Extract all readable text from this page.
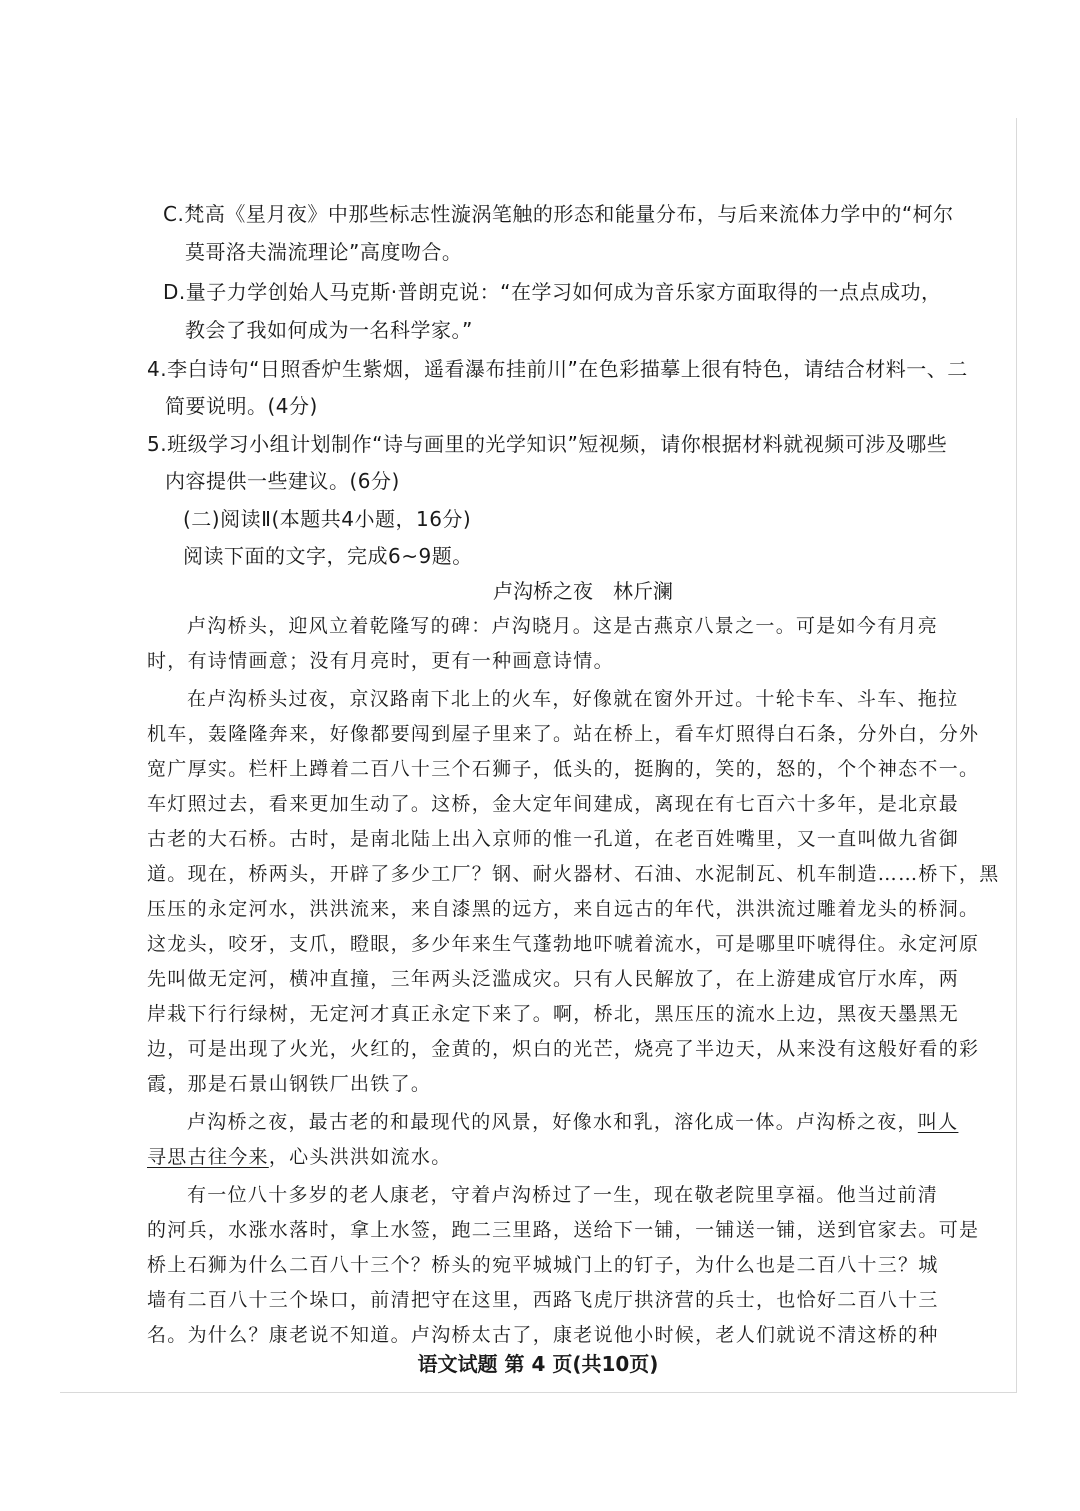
C.梵高《星月夜》中那些标志性漩涡笔触的形态和能量分布，与后来流体力学中的“柯尔
莫哥洛夫湍流理论”高度吻合。
D.量子力学创始人马克斯·普朗克说：“在学习如何成为音乐家方面取得的一点点成功，
教会了我如何成为一名科学家。”
4.李白诗句“日照香炉生紫烟，遥看瀑布挂前川”在色彩描摹上很有特色，请结合材料一、二
简要说明。(4分)
5.班级学习小组计划制作“诗与画里的光学知识”短视频，请你根据材料就视频可涉及哪些
内容提供一些建议。(6分)
(二)阅读Ⅱ(本题共4小题，16分)
阅读下面的文字，完成6~9题。
卢沟桥之夜　林斤澜
卢沟桥头，迎风立着乾隆写的碑：卢沟晓月。这是古燕京八景之一。可是如今有月亮
时，有诗情画意；没有月亮时，更有一种画意诗情。
在卢沟桥头过夜，京汉路南下北上的火车，好像就在窗外开过。十轮卡车、斗车、拖拉
机车，轰隆隆奔来，好像都要闯到屋子里来了。站在桥上，看车灯照得白石条，分外白，分外
宽广厚实。栏杆上蹲着二百八十三个石狮子，低头的，挺胸的，笑的，怒的，个个神态不一。
车灯照过去，看来更加生动了。这桥，金大定年间建成，离现在有七百六十多年，是北京最
古老的大石桥。古时，是南北陆上出入京师的惟一孔道，在老百姓嘴里，又一直叫做九省御
道。现在，桥两头，开辟了多少工厂？钢、耐火器材、石油、水泥制瓦、机车制造……桥下，黑
压压的永定河水，洪洪流来，来自漆黑的远方，来自远古的年代，洪洪流过雕着龙头的桥洞。
这龙头，咬牙，支爪，瞪眼，多少年来生气蓬勃地吓唬着流水，可是哪里吓唬得住。永定河原
先叫做无定河，横冲直撞，三年两头泛滥成灾。只有人民解放了，在上游建成官厅水库，两
岸栽下行行绿树，无定河才真正永定下来了。啊，桥北，黑压压的流水上边，黑夜天墨黑无
边，可是出现了火光，火红的，金黄的，炽白的光芒，烧亮了半边天，从来没有这般好看的彩
霞，那是石景山钢铁厂出铁了。
卢沟桥之夜，最古老的和最现代的风景，好像水和乳，溶化成一体。卢沟桥之夜，叫人
寻思古往今来，心头洪洪如流水。
有一位八十多岁的老人康老，守着卢沟桥过了一生，现在敬老院里享福。他当过前清
的河兵，水涨水落时，拿上水签，跑二三里路，送给下一铺，一铺送一铺，送到官家去。可是
桥上石狮为什么二百八十三个？桥头的宛平城城门上的钉子，为什么也是二百八十三？城
墙有二百八十三个垛口，前清把守在这里，西路飞虎厅拱济营的兵士，也恰好二百八十三
名。为什么？康老说不知道。卢沟桥太古了，康老说他小时候，老人们就说不清这桥的种
语文试题 第 4 页(共10页)
